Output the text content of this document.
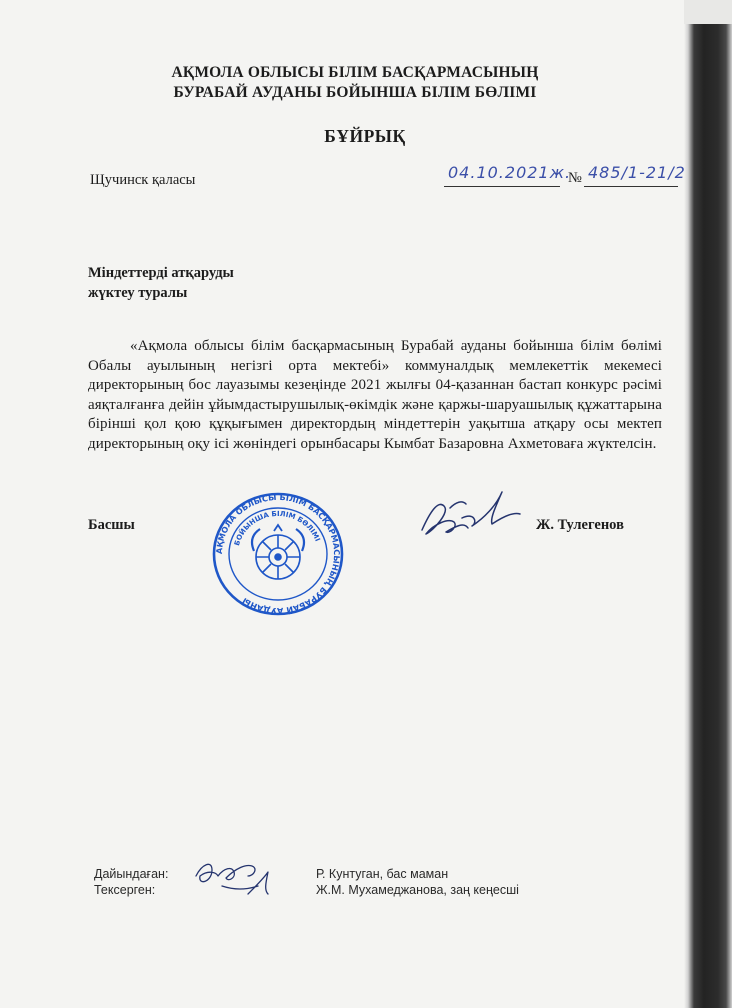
АҚМОЛА ОБЛЫСЫ БІЛІМ БАСҚАРМАСЫНЫҢ
БУРАБАЙ АУДАНЫ БОЙЫНША БІЛІМ БӨЛІМІ
БҰЙРЫҚ
Щучинск қаласы	04.10.2021ж.
№ 485/1-21/2
Міндеттерді атқаруды
жүктеу туралы
«Ақмола облысы білім басқармасының Бурабай ауданы бойынша білім бөлімі Обалы ауылының негізгі орта мектебі» коммуналдық мемлекеттік мекемесі директорының бос лауазымы кезеңінде 2021 жылғы 04-қазаннан бастап конкурс рәсімі аяқталғанға дейін ұйымдастырушылық-өкімдік және қаржы-шаруашылық құжаттарына бірінші қол қою құқығымен директордың міндеттерін уақытша атқару осы мектеп директорының оқу ісі жөніндегі орынбасары Кымбат Базаровна Ахметоваға жүктелсін.
Басшы
АҚМОЛА ОБЛЫСЫ БІЛІМ БАСҚАРМАСЫНЫҢ БУРАБАЙ АУДАНЫ
БОЙЫНША БІЛІМ БӨЛІМІ
Ж. Тулегенов
Дайындаған:
Тексерген:
Р. Кунтуган, бас маман
Ж.М. Мухамеджанова, заң кеңесші
